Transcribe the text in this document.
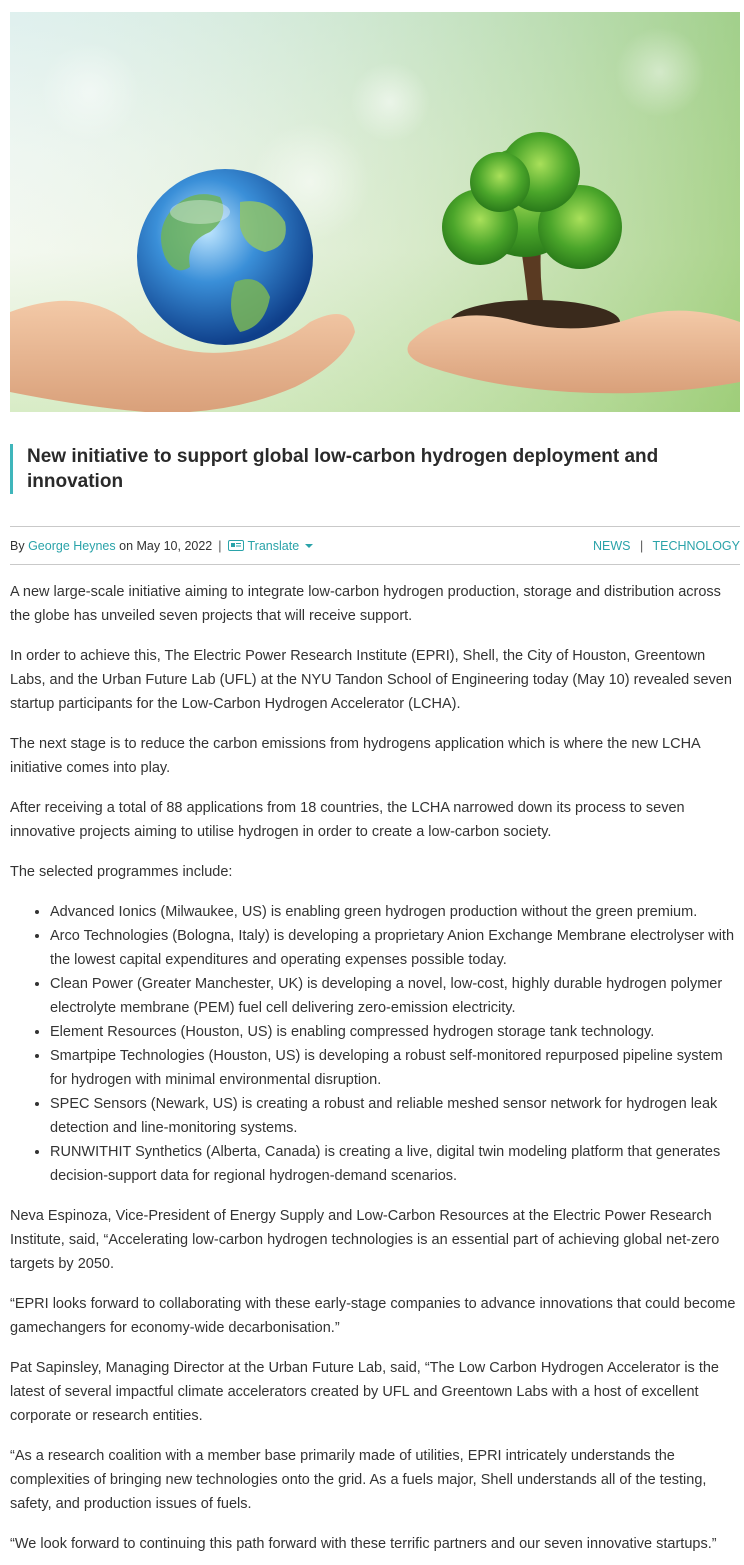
New initiative to support global low-carbon hydrogen deployment and innovation
By
George Heynes
on
May 10, 2022 |	Translate	NEWS | TECHNOLOGY

A new large-scale initiative aiming to integrate low-carbon hydrogen production, storage and distribution across the globe has unveiled seven projects that will receive support.

In order to achieve this, The Electric Power Research Institute (EPRI), Shell, the City of Houston, Greentown Labs, and the Urban Future Lab (UFL) at the NYU Tandon School of Engineering today (May 10) revealed seven startup participants for the Low-Carbon Hydrogen Accelerator (LCHA).

The next stage is to reduce the carbon emissions from hydrogens application which is where the new LCHA initiative comes into play.

After receiving a total of 88 applications from 18 countries, the LCHA narrowed down its process to seven innovative projects aiming to utilise hydrogen in order to create a low-carbon society.

The selected programmes include:

• Advanced Ionics (Milwaukee, US) is enabling green hydrogen production without the green premium.
• Arco Technologies (Bologna, Italy) is developing a proprietary Anion Exchange Membrane electrolyser with the lowest capital expenditures and operating expenses possible today.
• Clean Power (Greater Manchester, UK) is developing a novel, low-cost, highly durable hydrogen polymer electrolyte membrane (PEM) fuel cell delivering zero-emission electricity.
• Element Resources (Houston, US) is enabling compressed hydrogen storage tank technology.
• Smartpipe Technologies (Houston, US) is developing a robust self-monitored repurposed pipeline system for hydrogen with minimal environmental disruption.
• SPEC Sensors (Newark, US) is creating a robust and reliable meshed sensor network for hydrogen leak detection and line-monitoring systems.
• RUNWITHIT Synthetics (Alberta, Canada) is creating a live, digital twin modeling platform that generates decision-support data for regional hydrogen-demand scenarios.

Neva Espinoza, Vice-President of Energy Supply and Low-Carbon Resources at the Electric Power Research Institute, said, “Accelerating low-carbon hydrogen technologies is an essential part of achieving global net-zero targets by 2050.

“EPRI looks forward to collaborating with these early-stage companies to advance innovations that could become gamechangers for economy-wide decarbonisation.”

Pat Sapinsley, Managing Director at the Urban Future Lab, said, “The Low Carbon Hydrogen Accelerator is the latest of several impactful climate accelerators created by UFL and Greentown Labs with a host of excellent corporate or research entities.

“As a research coalition with a member base primarily made of utilities, EPRI intricately understands the complexities of bringing new technologies onto the grid. As a fuels major, Shell understands all of the testing, safety, and production issues of fuels.

“We look forward to continuing this path forward with these terrific partners and our seven innovative startups.”
